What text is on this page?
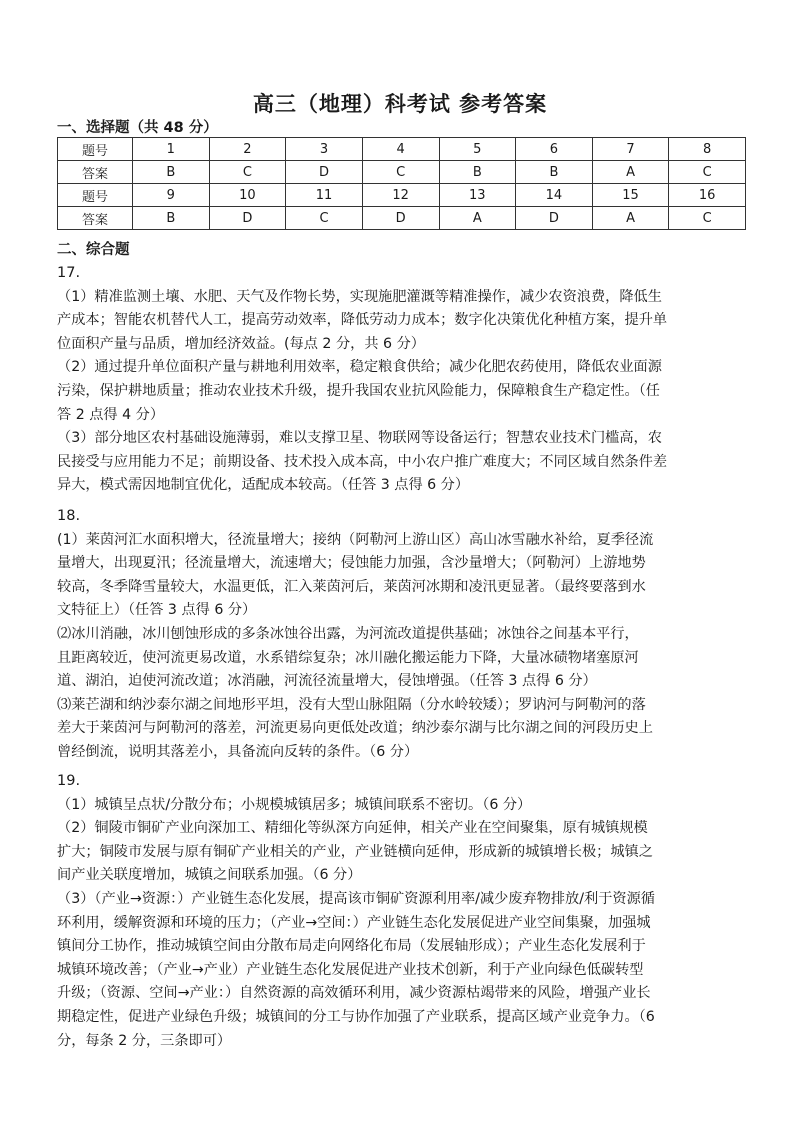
高三（地理）科考试 参考答案
一、选择题（共 48 分）
题号	1	2	3	4	5	6	7	8
答案	B	C	D	C	B	B	A	C
题号	9	10	11	12	13	14	15	16
答案	B	D	C	D	A	D	A	C
二、综合题

17.

（1）精准监测土壤、水肥、天气及作物长势，实现施肥灌溉等精准操作，减少农资浪费，降低生

产成本；智能农机替代人工，提高劳动效率，降低劳动力成本；数字化决策优化种植方案，提升单

位面积产量与品质，增加经济效益。(每点 2 分，共 6 分）

（2）通过提升单位面积产量与耕地利用效率，稳定粮食供给；减少化肥农药使用，降低农业面源

污染，保护耕地质量；推动农业技术升级，提升我国农业抗风险能力，保障粮食生产稳定性。（任

答 2 点得 4 分）

（3）部分地区农村基础设施薄弱，难以支撑卫星、物联网等设备运行；智慧农业技术门槛高，农

民接受与应用能力不足；前期设备、技术投入成本高，中小农户推广难度大；不同区域自然条件差

异大，模式需因地制宜优化，适配成本较高。（任答 3 点得 6 分）

18.

(1）莱茵河汇水面积增大，径流量增大；接纳（阿勒河上游山区）高山冰雪融水补给，夏季径流

量增大，出现夏汛；径流量增大，流速增大；侵蚀能力加强，含沙量增大；（阿勒河）上游地势

较高，冬季降雪量较大，水温更低，汇入莱茵河后，莱茵河冰期和凌汛更显著。（最终要落到水

文特征上）（任答 3 点得 6 分）

⑵冰川消融，冰川刨蚀形成的多条冰蚀谷出露，为河流改道提供基础；冰蚀谷之间基本平行，

且距离较近，使河流更易改道，水系错综复杂；冰川融化搬运能力下降，大量冰碛物堵塞原河

道、湖泊，迫使河流改道；冰消融，河流径流量增大，侵蚀增强。（任答 3 点得 6 分）

⑶莱芒湖和纳沙泰尔湖之间地形平坦，没有大型山脉阻隔（分水岭较矮）；罗讷河与阿勒河的落

差大于莱茵河与阿勒河的落差，河流更易向更低处改道；纳沙泰尔湖与比尔湖之间的河段历史上

曾经倒流，说明其落差小，具备流向反转的条件。（6 分）

19.

（1）城镇呈点状/分散分布；小规模城镇居多；城镇间联系不密切。（6 分）

（2）铜陵市铜矿产业向深加工、精细化等纵深方向延伸，相关产业在空间聚集，原有城镇规模

扩大；铜陵市发展与原有铜矿产业相关的产业，产业链横向延伸，形成新的城镇增长极；城镇之

间产业关联度增加，城镇之间联系加强。（6 分）

（3）（产业→资源：）产业链生态化发展，提高该市铜矿资源利用率/减少废弃物排放/利于资源循

环利用，缓解资源和环境的压力；（产业→空间：）产业链生态化发展促进产业空间集聚，加强城

镇间分工协作，推动城镇空间由分散布局走向网络化布局（发展轴形成）；产业生态化发展利于

城镇环境改善；（产业→产业）产业链生态化发展促进产业技术创新，利于产业向绿色低碳转型

升级；（资源、空间→产业：）自然资源的高效循环利用，减少资源枯竭带来的风险，增强产业长

期稳定性，促进产业绿色升级；城镇间的分工与协作加强了产业联系，提高区域产业竞争力。（6

分，每条 2 分，三条即可）
